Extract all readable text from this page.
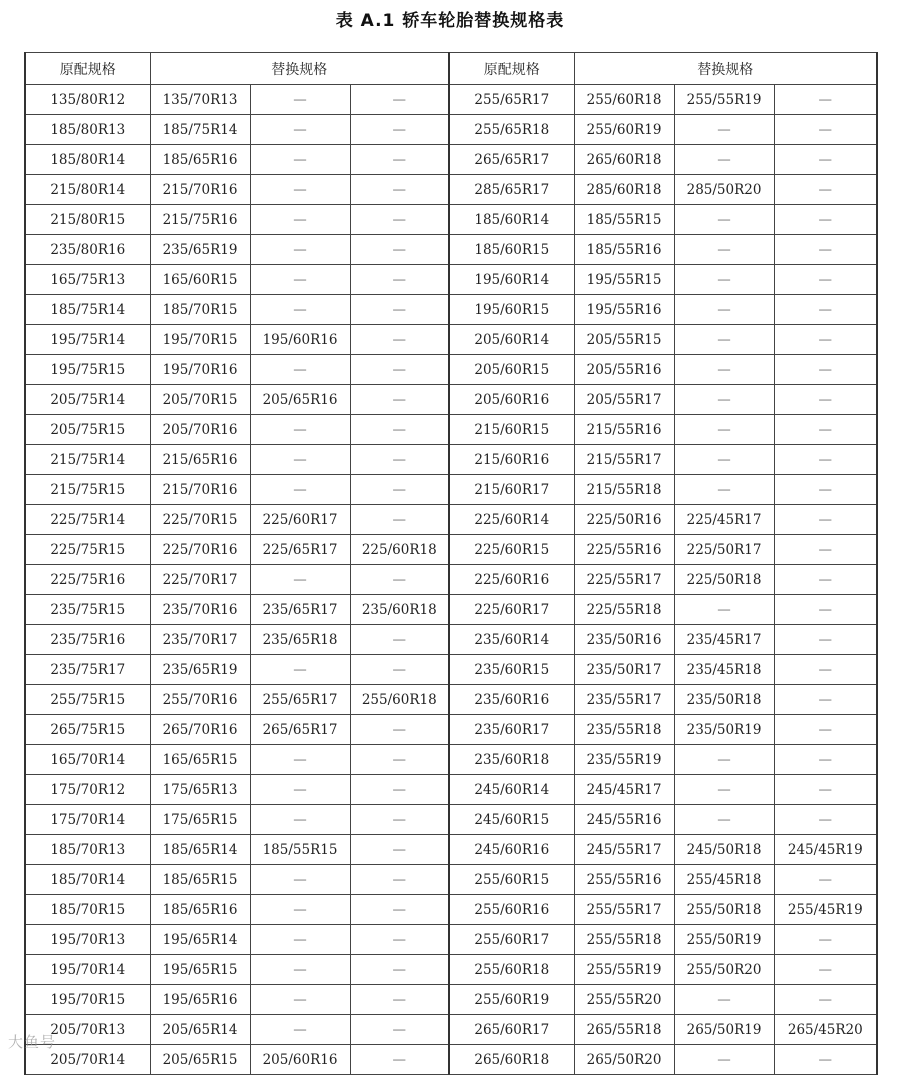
表 A.1 轿车轮胎替换规格表
原配规格	替换规格			原配规格	替换规格		
135/80R12	135/70R13	—	—	255/65R17	255/60R18	255/55R19	—
185/80R13	185/75R14	—	—	255/65R18	255/60R19	—	—
185/80R14	185/65R16	—	—	265/65R17	265/60R18	—	—
215/80R14	215/70R16	—	—	285/65R17	285/60R18	285/50R20	—
215/80R15	215/75R16	—	—	185/60R14	185/55R15	—	—
235/80R16	235/65R19	—	—	185/60R15	185/55R16	—	—
165/75R13	165/60R15	—	—	195/60R14	195/55R15	—	—
185/75R14	185/70R15	—	—	195/60R15	195/55R16	—	—
195/75R14	195/70R15	195/60R16	—	205/60R14	205/55R15	—	—
195/75R15	195/70R16	—	—	205/60R15	205/55R16	—	—
205/75R14	205/70R15	205/65R16	—	205/60R16	205/55R17	—	—
205/75R15	205/70R16	—	—	215/60R15	215/55R16	—	—
215/75R14	215/65R16	—	—	215/60R16	215/55R17	—	—
215/75R15	215/70R16	—	—	215/60R17	215/55R18	—	—
225/75R14	225/70R15	225/60R17	—	225/60R14	225/50R16	225/45R17	—
225/75R15	225/70R16	225/65R17	225/60R18	225/60R15	225/55R16	225/50R17	—
225/75R16	225/70R17	—	—	225/60R16	225/55R17	225/50R18	—
235/75R15	235/70R16	235/65R17	235/60R18	225/60R17	225/55R18	—	—
235/75R16	235/70R17	235/65R18	—	235/60R14	235/50R16	235/45R17	—
235/75R17	235/65R19	—	—	235/60R15	235/50R17	235/45R18	—
255/75R15	255/70R16	255/65R17	255/60R18	235/60R16	235/55R17	235/50R18	—
265/75R15	265/70R16	265/65R17	—	235/60R17	235/55R18	235/50R19	—
165/70R14	165/65R15	—	—	235/60R18	235/55R19	—	—
175/70R12	175/65R13	—	—	245/60R14	245/45R17	—	—
175/70R14	175/65R15	—	—	245/60R15	245/55R16	—	—
185/70R13	185/65R14	185/55R15	—	245/60R16	245/55R17	245/50R18	245/45R19
185/70R14	185/65R15	—	—	255/60R15	255/55R16	255/45R18	—
185/70R15	185/65R16	—	—	255/60R16	255/55R17	255/50R18	255/45R19
195/70R13	195/65R14	—	—	255/60R17	255/55R18	255/50R19	—
195/70R14	195/65R15	—	—	255/60R18	255/55R19	255/50R20	—
195/70R15	195/65R16	—	—	255/60R19	255/55R20	—	—
205/70R13	205/65R14	—	—	265/60R17	265/55R18	265/50R19	265/45R20
205/70R14	205/65R15	205/60R16	—	265/60R18	265/50R20	—	—
大鱼号
